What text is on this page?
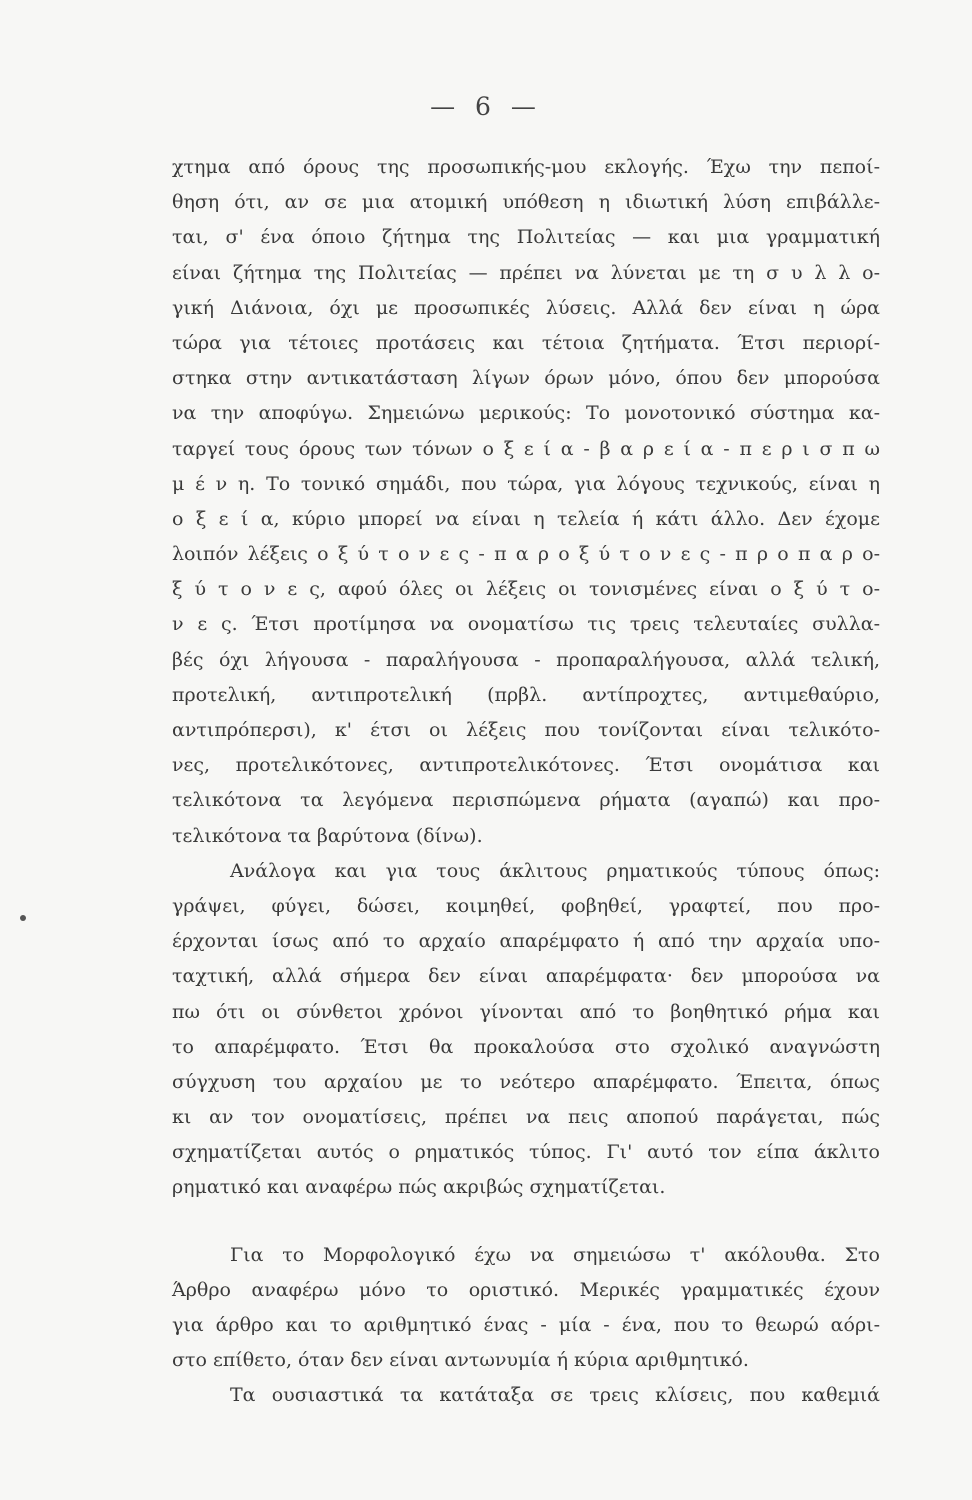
— 6 —
χτημα από όρους της προσωπικής-μου εκλογής. Έχω την πεποί-
θηση ότι, αν σε μια ατομική υπόθεση η ιδιωτική λύση επιβάλλε-
ται, σ' ένα όποιο ζήτημα της Πολιτείας — και μια γραμματική
είναι ζήτημα της Πολιτείας — πρέπει να λύνεται με τη σ υ λ λ ο-
γική Διάνοια, όχι με προσωπικές λύσεις. Αλλά δεν είναι η ώρα
τώρα για τέτοιες προτάσεις και τέτοια ζητήματα. Έτσι περιορί-
στηκα στην αντικατάσταση λίγων όρων μόνο, όπου δεν μπορούσα
να την αποφύγω. Σημειώνω μερικούς: Το μονοτονικό σύστημα κα-
ταργεί τους όρους των τόνων ο ξ ε ί α - β α ρ ε ί α - π ε ρ ι σ π ω
μ έ ν η. Το τονικό σημάδι, που τώρα, για λόγους τεχνικούς, είναι η
ο ξ ε ί α, κύριο μπορεί να είναι η τελεία ή κάτι άλλο. Δεν έχομε
λοιπόν λέξεις ο ξ ύ τ ο ν ε ς - π α ρ ο ξ ύ τ ο ν ε ς - π ρ ο π α ρ ο-
ξ ύ τ ο ν ε ς, αφού όλες οι λέξεις οι τονισμένες είναι ο ξ ύ τ ο-
ν ε ς. Έτσι προτίμησα να ονοματίσω τις τρεις τελευταίες συλλα-
βές όχι λήγουσα - παραλήγουσα - προπαραλήγουσα, αλλά τελική,
προτελική, αντιπροτελική (πρβλ. αντίπροχτες, αντιμεθαύριο,
αντιπρόπερσι), κ' έτσι οι λέξεις που τονίζονται είναι τελικότο-
νες, προτελικότονες, αντιπροτελικότονες. Έτσι ονομάτισα και
τελικότονα τα λεγόμενα περισπώμενα ρήματα (αγαπώ) και προ-
τελικότονα τα βαρύτονα (δίνω).
Ανάλογα και για τους άκλιτους ρηματικούς τύπους όπως:
γράψει, φύγει, δώσει, κοιμηθεί, φοβηθεί, γραφτεί, που προ-
έρχονται ίσως από το αρχαίο απαρέμφατο ή από την αρχαία υπο-
ταχτική, αλλά σήμερα δεν είναι απαρέμφατα· δεν μπορούσα να
πω ότι οι σύνθετοι χρόνοι γίνονται από το βοηθητικό ρήμα και
το απαρέμφατο. Έτσι θα προκαλούσα στο σχολικό αναγνώστη
σύγχυση του αρχαίου με το νεότερο απαρέμφατο. Έπειτα, όπως
κι αν τον ονοματίσεις, πρέπει να πεις αποπού παράγεται, πώς
σχηματίζεται αυτός ο ρηματικός τύπος. Γι' αυτό τον είπα άκλιτο
ρηματικό και αναφέρω πώς ακριβώς σχηματίζεται.
Για το Μορφολογικό έχω να σημειώσω τ' ακόλουθα. Στο
Άρθρο αναφέρω μόνο το οριστικό. Μερικές γραμματικές έχουν
για άρθρο και το αριθμητικό ένας - μία - ένα, που το θεωρώ αόρι-
στο επίθετο, όταν δεν είναι αντωνυμία ή κύρια αριθμητικό.
Τα ουσιαστικά τα κατάταξα σε τρεις κλίσεις, που καθεμιά
